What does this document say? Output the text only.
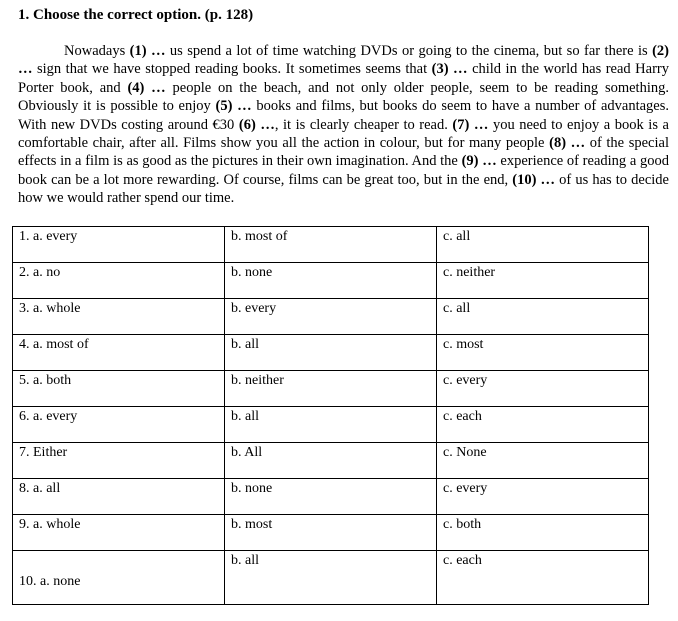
1. Choose the correct option. (p. 128)
Nowadays (1) … us spend a lot of time watching DVDs or going to the cinema, but so far there is (2) … sign that we have stopped reading books. It sometimes seems that (3) … child in the world has read Harry Porter book, and (4) … people on the beach, and not only older people, seem to be reading something. Obviously it is possible to enjoy (5) … books and films, but books do seem to have a number of advantages. With new DVDs costing around €30 (6) …, it is clearly cheaper to read. (7) … you need to enjoy a book is a comfortable chair, after all. Films show you all the action in colour, but for many people (8) … of the special effects in a film is as good as the pictures in their own imagination. And the (9) … experience of reading a good book can be a lot more rewarding. Of course, films can be great too, but in the end, (10) … of us has to decide how we would rather spend our time.
1. a. every	b. most of	c. all
2. a. no	b. none	c. neither
3. a. whole	b. every	c. all
4. a. most of	b. all	c. most
5. a. both	b. neither	c. every
6. a. every	b. all	c. each
7. Either	b. All	c. None
8. a. all	b. none	c. every
9. a. whole	b. most	c. both
10. a. none	b. all	c. each
